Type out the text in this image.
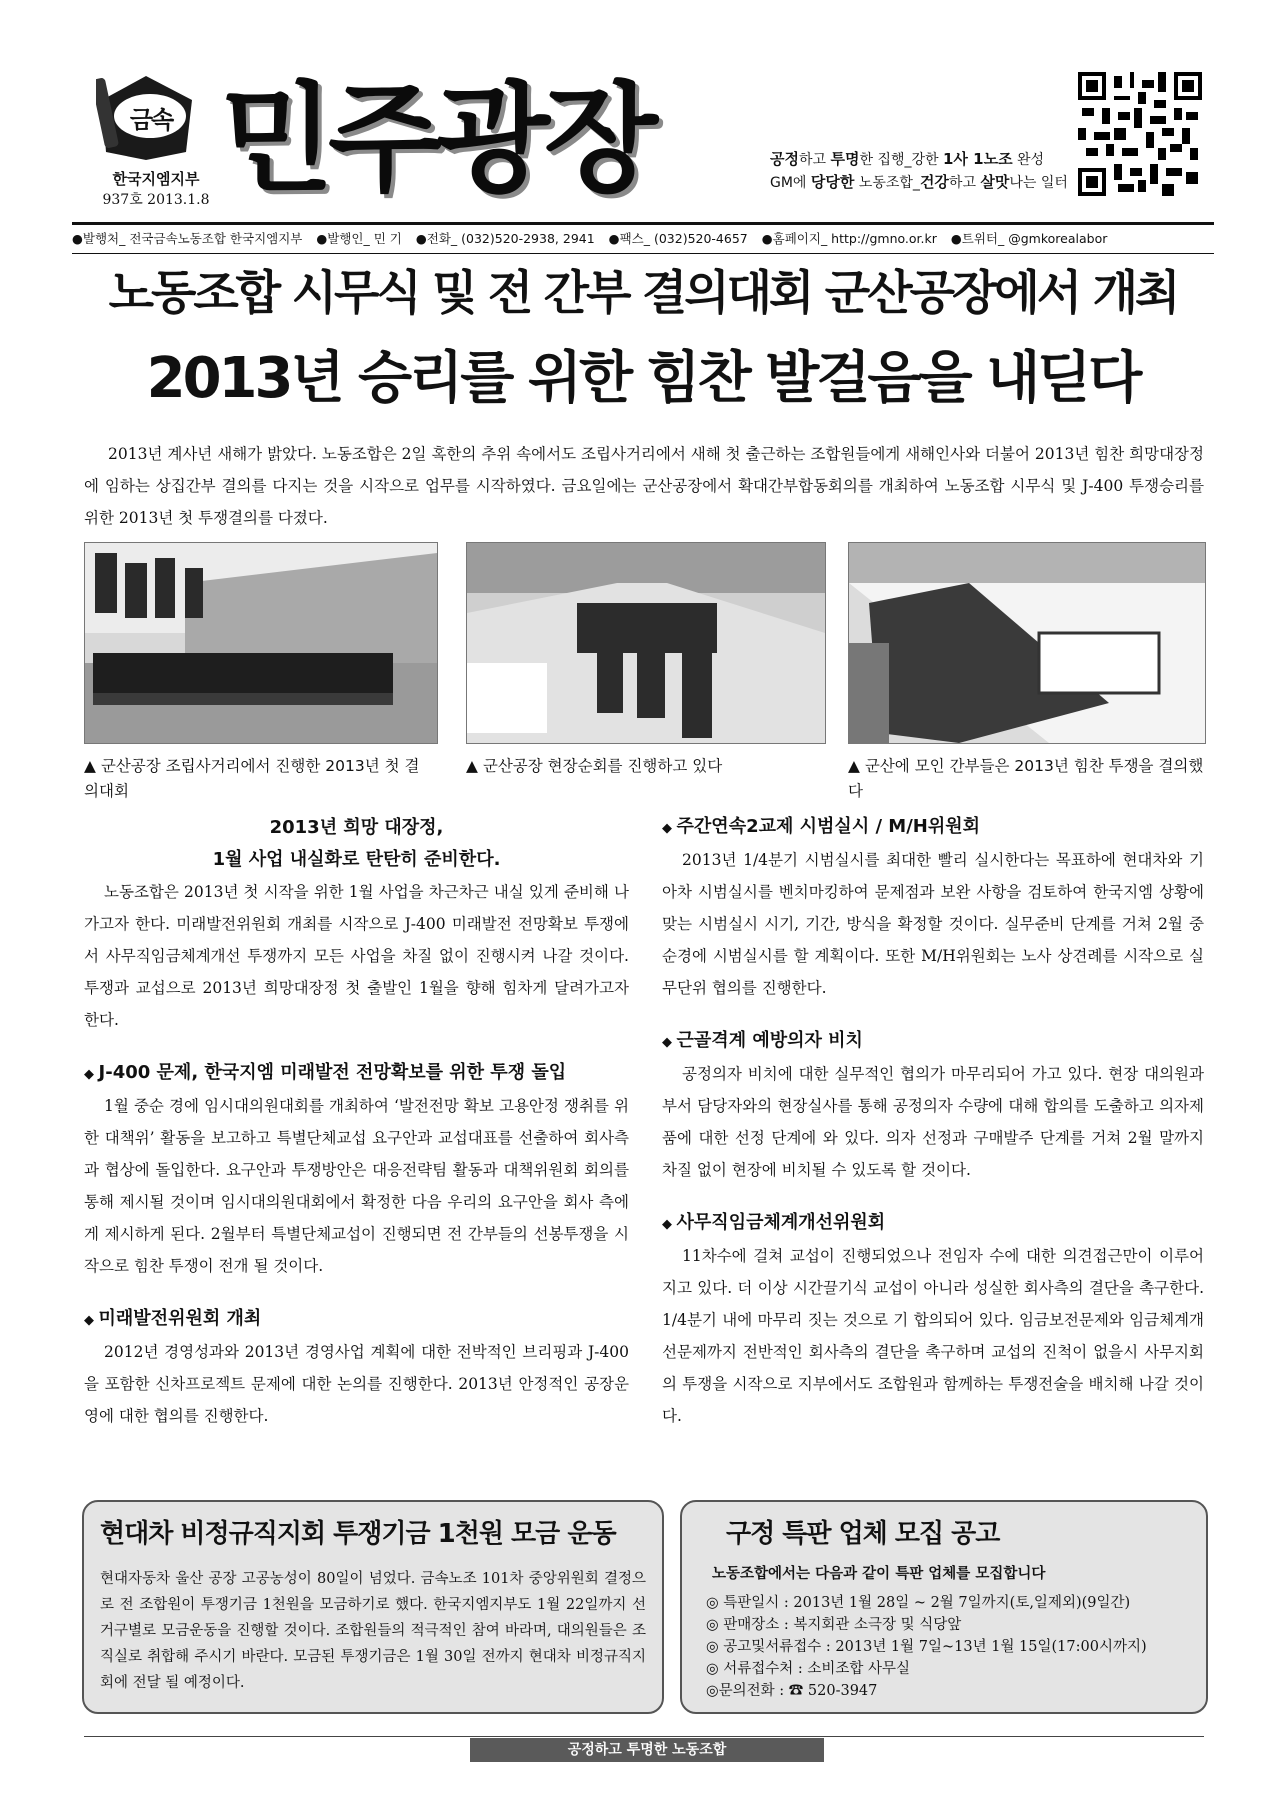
금속
한국지엠지부
937호 2013.1.8 민주광장	공정하고 투명한 집행_강한 1사 1노조 완성
GM에 당당한 노동조합_건강하고 살맛나는 일터
●발행처_ 전국금속노동조합 한국지엠지부 ●발행인_ 민 기 ●전화_ (032)520-2938, 2941 ●팩스_ (032)520-4657 ●홈페이지_ http://gmno.or.kr ●트위터_ @gmkorealabor
노동조합 시무식 및 전 간부 결의대회 군산공장에서 개최
2013년 승리를 위한 힘찬 발걸음을 내딛다
2013년 계사년 새해가 밝았다. 노동조합은 2일 혹한의 추위 속에서도 조립사거리에서 새해 첫 출근하는 조합원들에게 새해인사와 더불어 2013년 힘찬 희망대장정에 임하는 상집간부 결의를 다지는 것을 시작으로 업무를 시작하였다. 금요일에는 군산공장에서 확대간부합동회의를 개최하여 노동조합 시무식 및 J-400 투쟁승리를 위한 2013년 첫 투쟁결의를 다졌다.
▲ 군산공장 조립사거리에서 진행한 2013년 첫 결의대회
▲ 군산공장 현장순회를 진행하고 있다	▲ 군산에 모인 간부들은 2013년 힘찬 투쟁을 결의했다
2013년 희망 대장정,
1월 사업 내실화로 탄탄히 준비한다.

노동조합은 2013년 첫 시작을 위한 1월 사업을 차근차근 내실 있게 준비해 나가고자 한다. 미래발전위원회 개최를 시작으로 J-400 미래발전 전망확보 투쟁에서 사무직임금체계개선 투쟁까지 모든 사업을 차질 없이 진행시켜 나갈 것이다. 투쟁과 교섭으로 2013년 희망대장정 첫 출발인 1월을 향해 힘차게 달려가고자 한다.

◆ J-400 문제, 한국지엠 미래발전 전망확보를 위한 투쟁 돌입

1월 중순 경에 임시대의원대회를 개최하여 ‘발전전망 확보 고용안정 쟁취를 위한 대책위’ 활동을 보고하고 특별단체교섭 요구안과 교섭대표를 선출하여 회사측과 협상에 돌입한다. 요구안과 투쟁방안은 대응전략팀 활동과 대책위원회 회의를 통해 제시될 것이며 임시대의원대회에서 확정한 다음 우리의 요구안을 회사 측에게 제시하게 된다. 2월부터 특별단체교섭이 진행되면 전 간부들의 선봉투쟁을 시작으로 힘찬 투쟁이 전개 될 것이다.

◆ 미래발전위원회 개최

2012년 경영성과와 2013년 경영사업 계획에 대한 전박적인 브리핑과 J-400을 포함한 신차프로젝트 문제에 대한 논의를 진행한다. 2013년 안정적인 공장운영에 대한 협의를 진행한다.

◆ 주간연속2교제 시범실시 / M/H위원회

2013년 1/4분기 시범실시를 최대한 빨리 실시한다는 목표하에 현대차와 기아차 시범실시를 벤치마킹하여 문제점과 보완 사항을 검토하여 한국지엠 상황에 맞는 시범실시 시기, 기간, 방식을 확정할 것이다. 실무준비 단계를 거쳐 2월 중순경에 시범실시를 할 계획이다. 또한 M/H위원회는 노사 상견례를 시작으로 실무단위 협의를 진행한다.

◆ 근골격계 예방의자 비치

공정의자 비치에 대한 실무적인 협의가 마무리되어 가고 있다. 현장 대의원과 부서 담당자와의 현장실사를 통해 공정의자 수량에 대해 합의를 도출하고 의자제품에 대한 선정 단계에 와 있다. 의자 선정과 구매발주 단계를 거쳐 2월 말까지 차질 없이 현장에 비치될 수 있도록 할 것이다.

◆ 사무직임금체계개선위원회

11차수에 걸쳐 교섭이 진행되었으나 전임자 수에 대한 의견접근만이 이루어지고 있다. 더 이상 시간끌기식 교섭이 아니라 성실한 회사측의 결단을 촉구한다. 1/4분기 내에 마무리 짓는 것으로 기 합의되어 있다. 임금보전문제와 임금체계개선문제까지 전반적인 회사측의 결단을 촉구하며 교섭의 진척이 없을시 사무지회의 투쟁을 시작으로 지부에서도 조합원과 함께하는 투쟁전술을 배치해 나갈 것이다.

현대차 비정규직지회 투쟁기금 1천원 모금 운동
현대자동차 울산 공장 고공농성이 80일이 넘었다. 금속노조 101차 중앙위원회 결정으로 전 조합원이 투쟁기금 1천원을 모금하기로 했다. 한국지엠지부도 1월 22일까지 선거구별로 모금운동을 진행할 것이다. 조합원들의 적극적인 참여 바라며, 대의원들은 조직실로 취합해 주시기 바란다. 모금된 투쟁기금은 1월 30일 전까지 현대차 비정규직지회에 전달 될 예정이다.
구정 특판 업체 모집 공고
노동조합에서는 다음과 같이 특판 업체를 모집합니다
◎ 특판일시 : 2013년 1월 28일 ~ 2월 7일까지(토,일제외)(9일간)
◎ 판매장소 : 복지회관 소극장 및 식당앞
◎ 공고및서류접수 : 2013년 1월 7일~13년 1월 15일(17:00시까지)
◎ 서류접수처 : 소비조합 사무실
◎문의전화 : ☎ 520-3947
공정하고 투명한 노동조합
